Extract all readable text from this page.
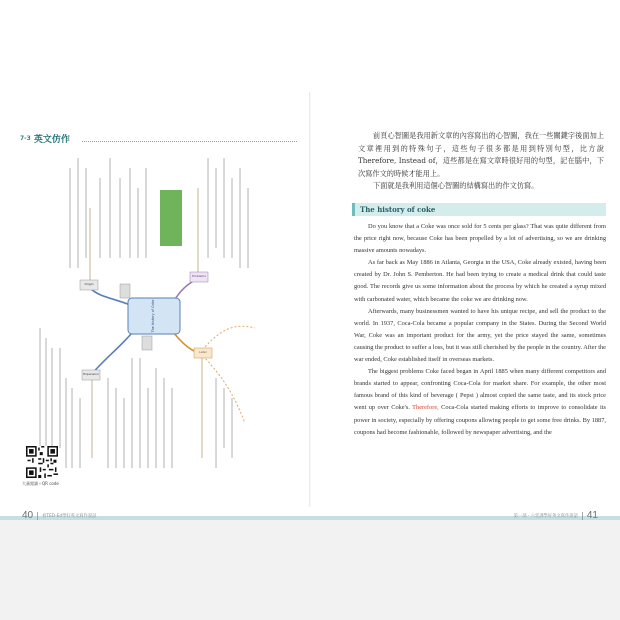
7-3 英文仿作
The history of Coke
Origin
Expansion
Problems
Later
大量閱讀＋QR code

前頁心智圖是我用新文章的內容寫出的心智圖，我在一些關鍵字後面加上文章裡用到的特殊句子，這些句子很多都是用到特別句型，比方說 Therefore, Instead of，這些都是在寫文章時很好用的句型，記在腦中，下次寫作文的時候才能用上。

下面就是我利用這個心智圖的結構寫出的作文仿寫。

The history of coke

Do you know that a Coke was once sold for 5 cents per glass? That was quite different from the price right now, because Coke has been propelled by a lot of advertising, so we are drinking massive amounts nowadays.

As far back as May 1886 in Atlanta, Georgia in the USA, Coke already existed, having been created by Dr. John S. Pemberton. He had been trying to create a medical drink that could taste good. The records give us some information about the process by which he created a syrup mixed with carbonated water, which became the coke we are drinking now.

Afterwards, many businessmen wanted to have his unique recipe, and sell the product to the world. In 1937, Coca-Cola became a popular company in the States. During the Second World War, Coke was an important product for the army, yet the price stayed the same, sometimes causing the product to suffer a loss, but it was still cherished by the people in the country. After the war ended, Coke established itself in overseas markets.

The biggest problems Coke faced began in April 1885 when many different competitors and brands started to appear, confronting Coca-Cola for market share. For example, the other most famous brand of this kind of beverage ( Pepsi ) almost copied the same taste, and its stock price went up over Coke's. Therefore, Coca-Cola started making efforts to improve to consolidate its power in society, especially by offering coupons allowing people to get some free drinks. By 1887, coupons had become fashionable, followed by newspaper advertising, and the

40 看TED-Ed學好英文寫作說話	第一部 ‧ 六堂課學好英文寫作說話 41
